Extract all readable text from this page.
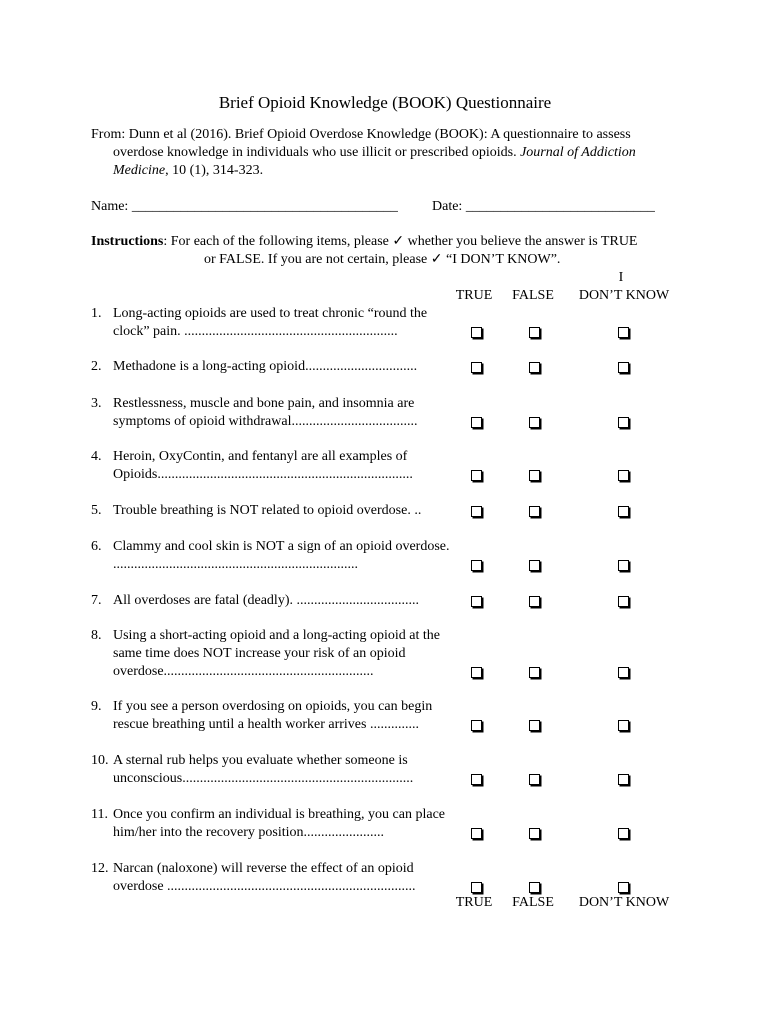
Brief Opioid Knowledge (BOOK) Questionnaire
From: Dunn et al (2016). Brief Opioid Overdose Knowledge (BOOK): A questionnaire to assess
overdose knowledge in individuals who use illicit or prescribed opioids. Journal of Addiction
Medicine, 10 (1), 314-323.
Name: ______________________________________ Date: ___________________________
Instructions: For each of the following items, please ✓ whether you believe the answer is TRUE
or FALSE. If you are not certain, please ✓ “I DON’T KNOW”.
I
TRUE	FALSE	DON’T KNOW
1. Long-acting opioids are used to treat chronic “round the clock” pain. .............................................................
2. Methadone is a long-acting opioid................................
3. Restlessness, muscle and bone pain, and insomnia are symptoms of opioid withdrawal....................................
4. Heroin, OxyContin, and fentanyl are all examples of Opioids.........................................................................
5. Trouble breathing is NOT related to opioid overdose. ..
6. Clammy and cool skin is NOT a sign of an opioid overdose. ......................................................................
7. All overdoses are fatal (deadly). ...................................
8. Using a short-acting opioid and a long-acting opioid at the same time does NOT increase your risk of an opioid overdose............................................................
9. If you see a person overdosing on opioids, you can begin rescue breathing until a health worker arrives ..............
10. A sternal rub helps you evaluate whether someone is unconscious..................................................................
11. Once you confirm an individual is breathing, you can place him/her into the recovery position.......................
12. Narcan (naloxone) will reverse the effect of an opioid overdose .......................................................................
TRUE	FALSE	DON’T KNOW
